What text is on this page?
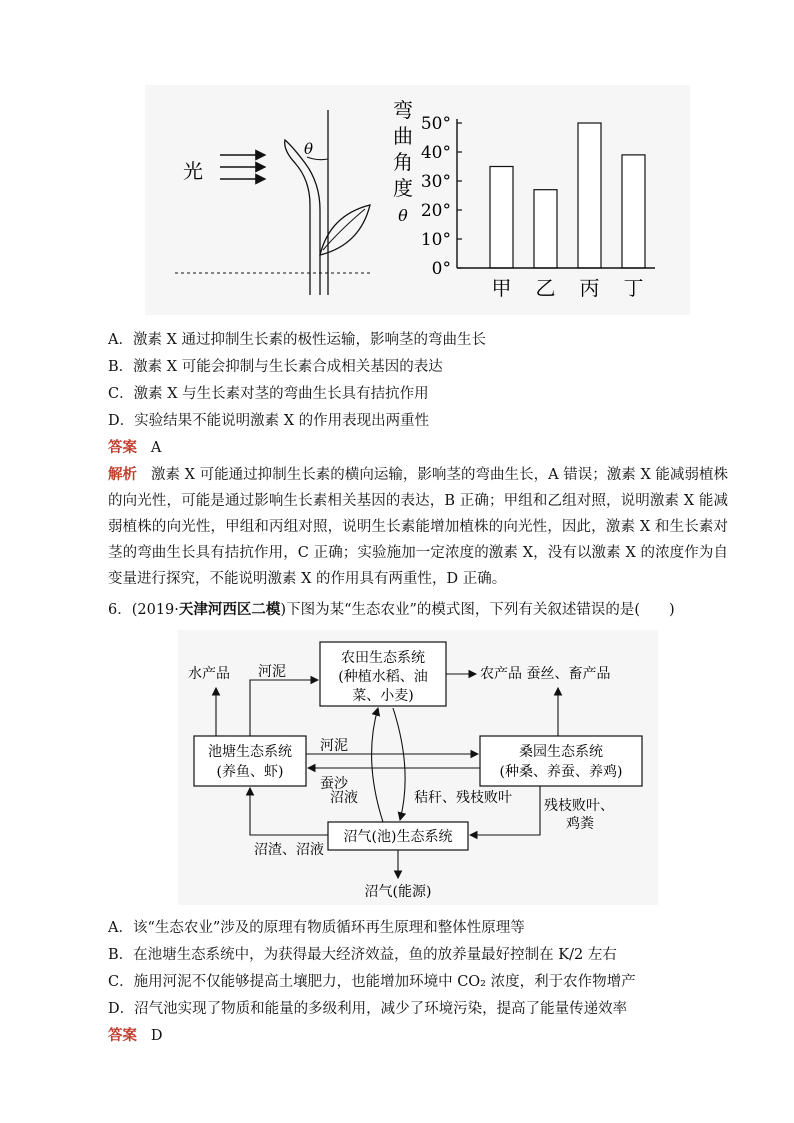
光
θ
弯
曲
角
度
θ
0°
10°
20°
30°
40°
50°
甲 乙 丙 丁
A．激素 X 通过抑制生长素的极性运输，影响茎的弯曲生长
B．激素 X 可能会抑制与生长素合成相关基因的表达
C．激素 X 与生长素对茎的弯曲生长具有拮抗作用
D．实验结果不能说明激素 X 的作用表现出两重性
答案 A
解析 激素 X 可能通过抑制生长素的横向运输，影响茎的弯曲生长，A 错误；激素 X 能减弱植株的向光性，可能是通过影响生长素相关基因的表达，B 正确；甲组和乙组对照，说明激素 X 能减弱植株的向光性，甲组和丙组对照，说明生长素能增加植株的向光性，因此，激素 X 和生长素对茎的弯曲生长具有拮抗作用，C 正确；实验施加一定浓度的激素 X，没有以激素 X 的浓度作为自变量进行探究，不能说明激素 X 的作用具有两重性，D 正确。
6．(2019·天津河西区二模)下图为某“生态农业”的模式图，下列有关叙述错误的是(　　)
农田生态系统
(种植水稻、油
菜、小麦)
池塘生态系统
(养鱼、虾)
桑园生态系统
(种桑、养蚕、养鸡)
沼气(池)生态系统
水产品	农产品 蚕丝、畜产品
河泥
河泥
蚕沙
沼液	秸秆、残枝败叶 残枝败叶、
鸡粪
沼渣、沼液
沼气(能源)
A．该“生态农业”涉及的原理有物质循环再生原理和整体性原理等
B．在池塘生态系统中，为获得最大经济效益，鱼的放养量最好控制在 K/2 左右
C．施用河泥不仅能够提高土壤肥力，也能增加环境中 CO₂ 浓度，利于农作物增产
D．沼气池实现了物质和能量的多级利用，减少了环境污染，提高了能量传递效率
答案 D
